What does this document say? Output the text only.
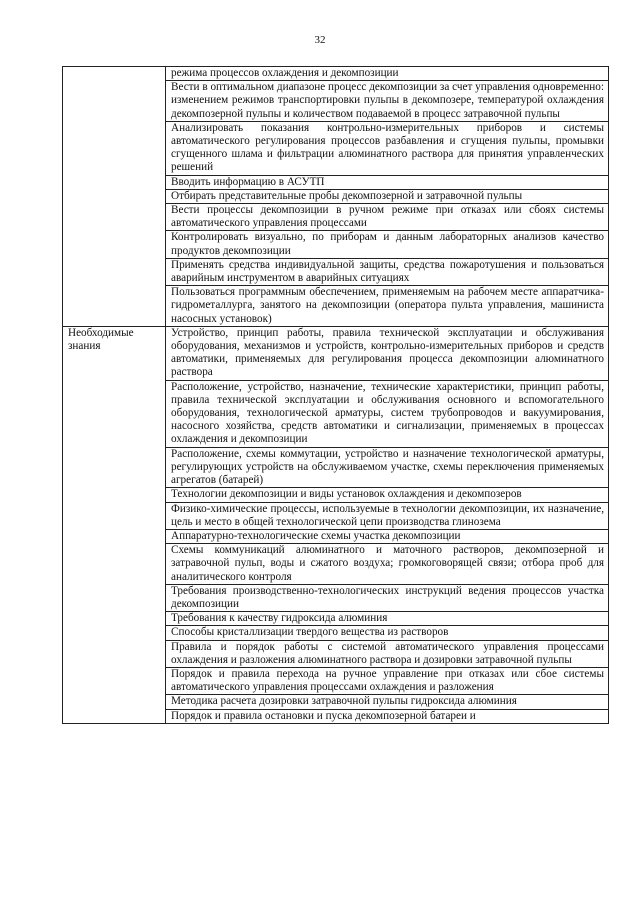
32
	режима процессов охлаждения и декомпозиции
	Вести в оптимальном диапазоне процесс декомпозиции за счет управления одновременно: изменением режимов транспортировки пульпы в декомпозере, температурой охлаждения декомпозерной пульпы и количеством подаваемой в процесс затравочной пульпы
	Анализировать показания контрольно-измерительных приборов и системы автоматического регулирования процессов разбавления и сгущения пульпы, промывки сгущенного шлама и фильтрации алюминатного раствора для принятия управленческих решений
	Вводить информацию в АСУТП
	Отбирать представительные пробы декомпозерной и затравочной пульпы
	Вести процессы декомпозиции в ручном режиме при отказах или сбоях системы автоматического управления процессами
	Контролировать визуально, по приборам и данным лабораторных анализов качество продуктов декомпозиции
	Применять средства индивидуальной защиты, средства пожаротушения и пользоваться аварийным инструментом в аварийных ситуациях
	Пользоваться программным обеспечением, применяемым на рабочем месте аппаратчика-гидрометаллурга, занятого на декомпозиции (оператора пульта управления, машиниста насосных установок)
Необходимые знания	Устройство, принцип работы, правила технической эксплуатации и обслуживания оборудования, механизмов и устройств, контрольно-измерительных приборов и средств автоматики, применяемых для регулирования процесса декомпозиции алюминатного раствора
	Расположение, устройство, назначение, технические характеристики, принцип работы, правила технической эксплуатации и обслуживания основного и вспомогательного оборудования, технологической арматуры, систем трубопроводов и вакуумирования, насосного хозяйства, средств автоматики и сигнализации, применяемых в процессах охлаждения и декомпозиции
	Расположение, схемы коммутации, устройство и назначение технологической арматуры, регулирующих устройств на обслуживаемом участке, схемы переключения применяемых агрегатов (батарей)
	Технологии декомпозиции и виды установок охлаждения и декомпозеров
	Физико-химические процессы, используемые в технологии декомпозиции, их назначение, цель и место в общей технологической цепи производства глинозема
	Аппаратурно-технологические схемы участка декомпозиции
	Схемы коммуникаций алюминатного и маточного растворов, декомпозерной и затравочной пульп, воды и сжатого воздуха; громкоговорящей связи; отбора проб для аналитического контроля
	Требования производственно-технологических инструкций ведения процессов участка декомпозиции
	Требования к качеству гидроксида алюминия
	Способы кристаллизации твердого вещества из растворов
	Правила и порядок работы с системой автоматического управления процессами охлаждения и разложения алюминатного раствора и дозировки затравочной пульпы
	Порядок и правила перехода на ручное управление при отказах или сбое системы автоматического управления процессами охлаждения и разложения
	Методика расчета дозировки затравочной пульпы гидроксида алюминия
	Порядок и правила остановки и пуска декомпозерной батареи и
